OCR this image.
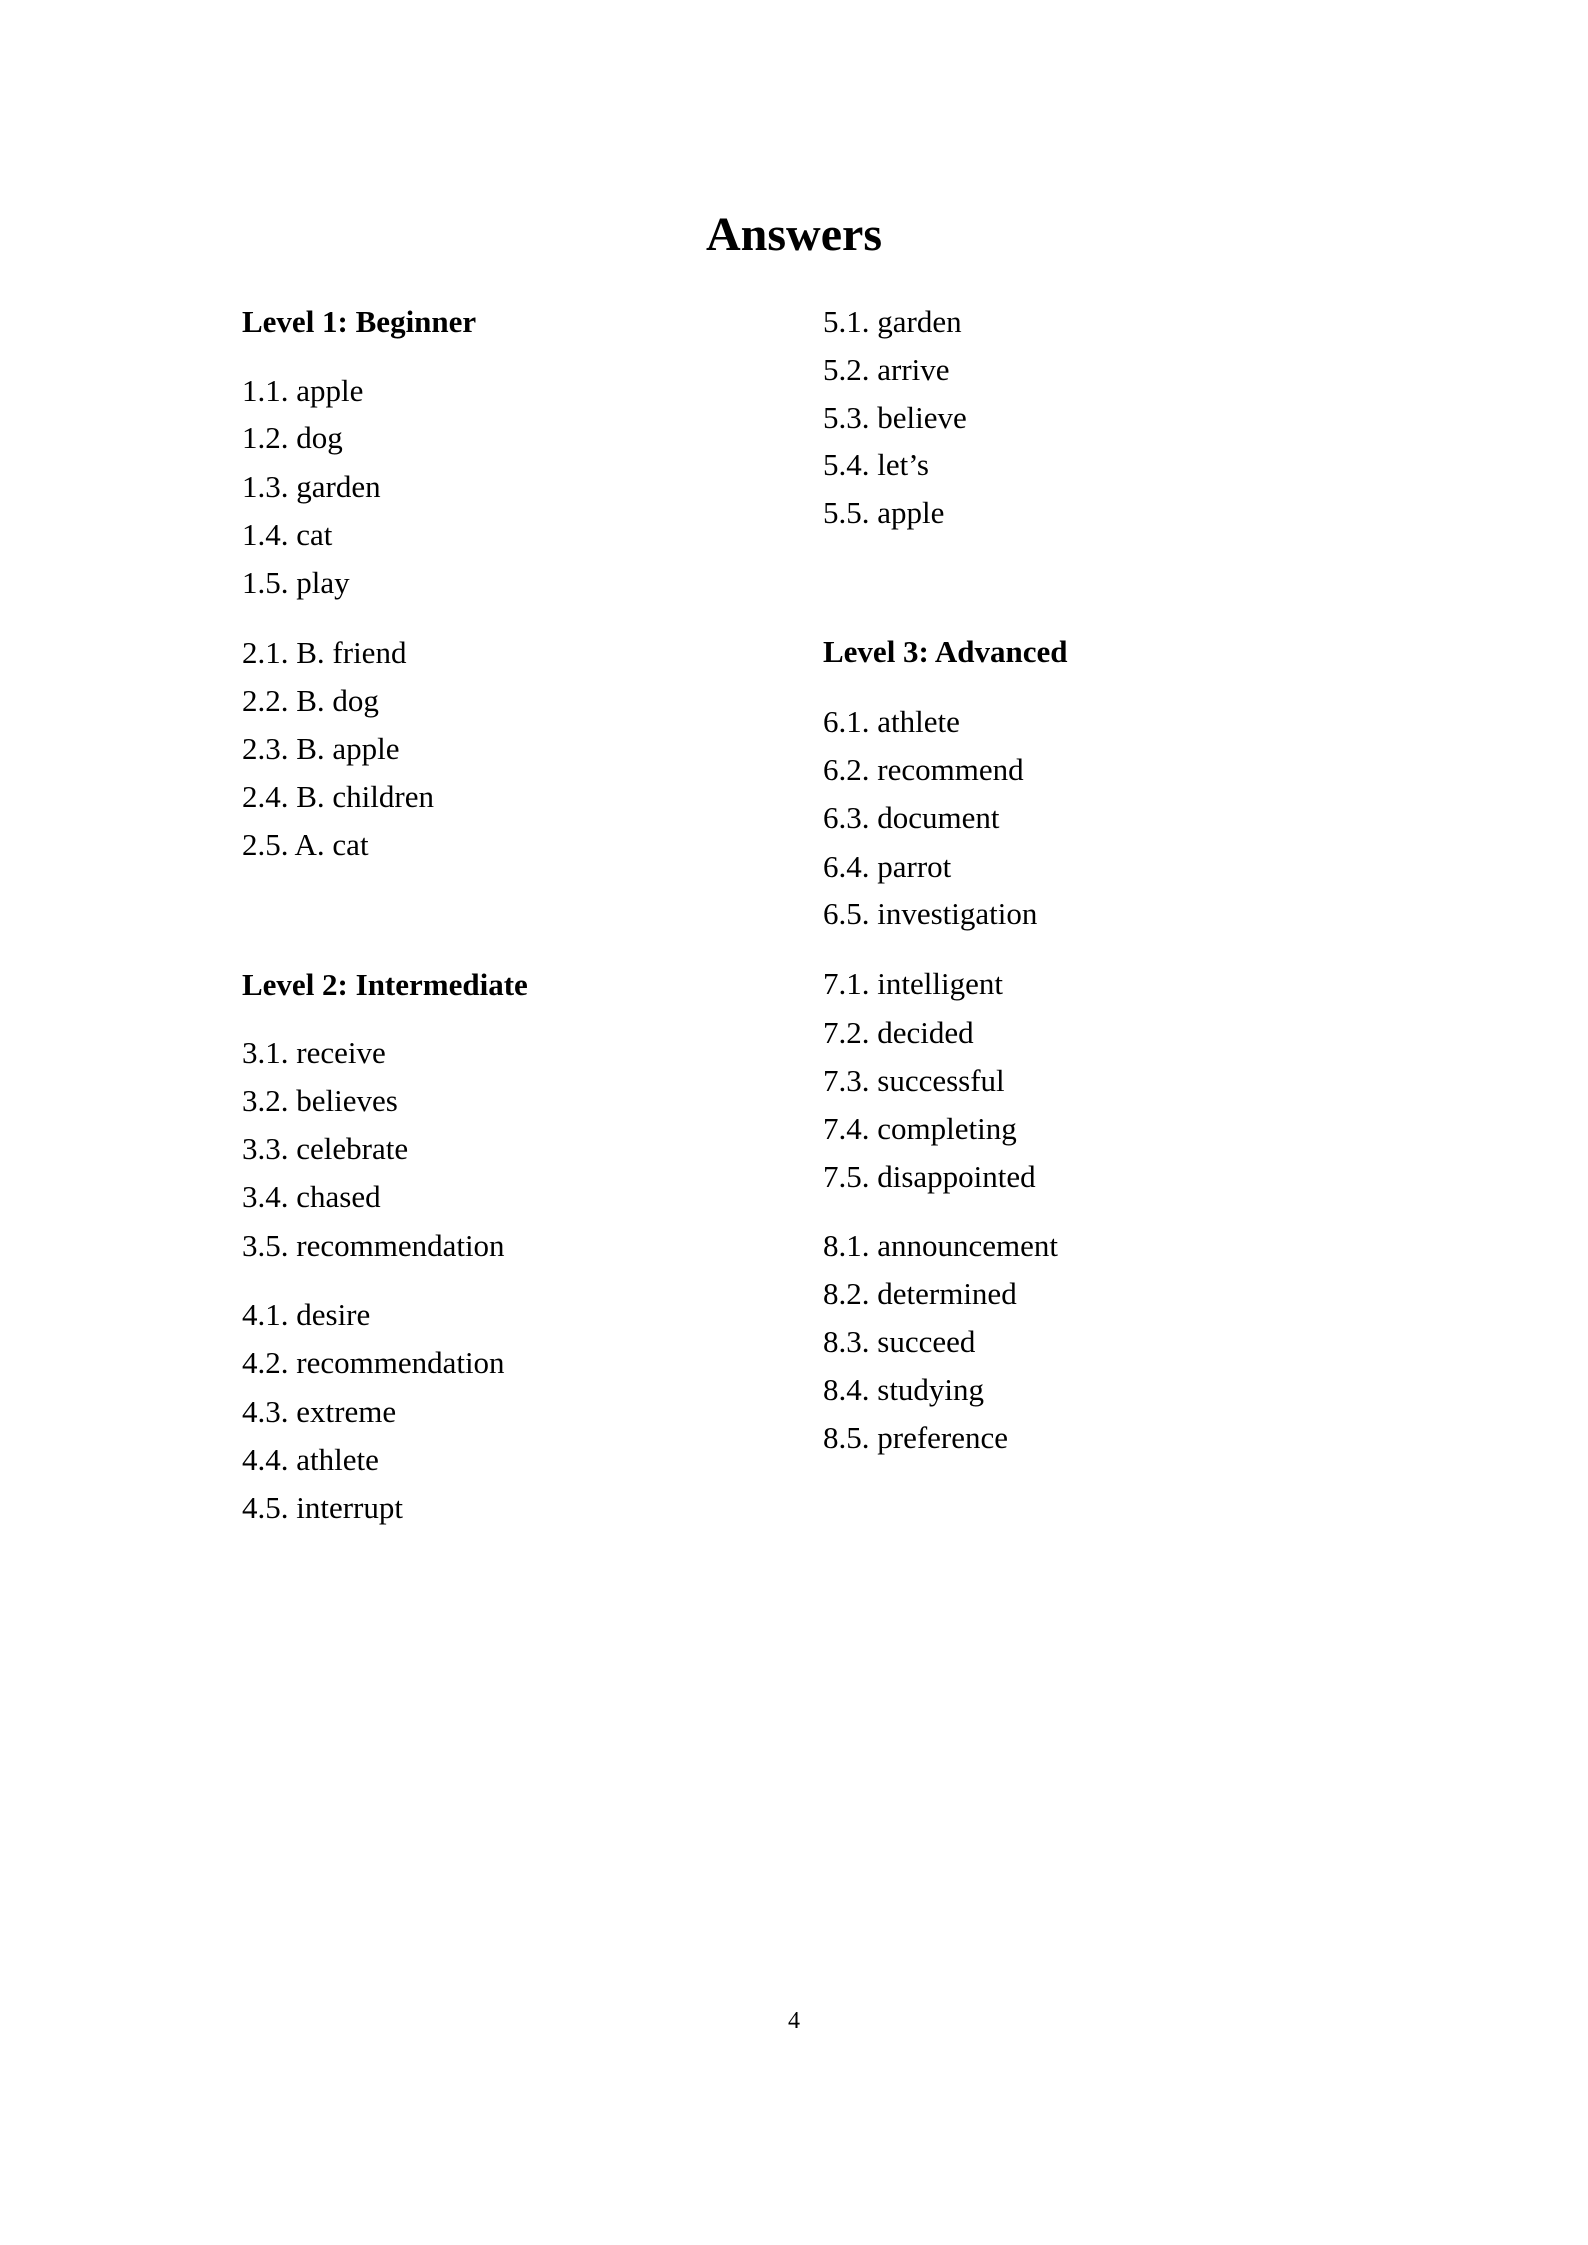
Answers
Level 1: Beginner
1.1. apple
1.2. dog
1.3. garden
1.4. cat
1.5. play
2.1. B. friend
2.2. B. dog
2.3. B. apple
2.4. B. children
2.5. A. cat
Level 2: Intermediate
3.1. receive
3.2. believes
3.3. celebrate
3.4. chased
3.5. recommendation
4.1. desire
4.2. recommendation
4.3. extreme
4.4. athlete
4.5. interrupt
5.1. garden
5.2. arrive
5.3. believe
5.4. let’s
5.5. apple
Level 3: Advanced
6.1. athlete
6.2. recommend
6.3. document
6.4. parrot
6.5. investigation
7.1. intelligent
7.2. decided
7.3. successful
7.4. completing
7.5. disappointed
8.1. announcement
8.2. determined
8.3. succeed
8.4. studying
8.5. preference
4
